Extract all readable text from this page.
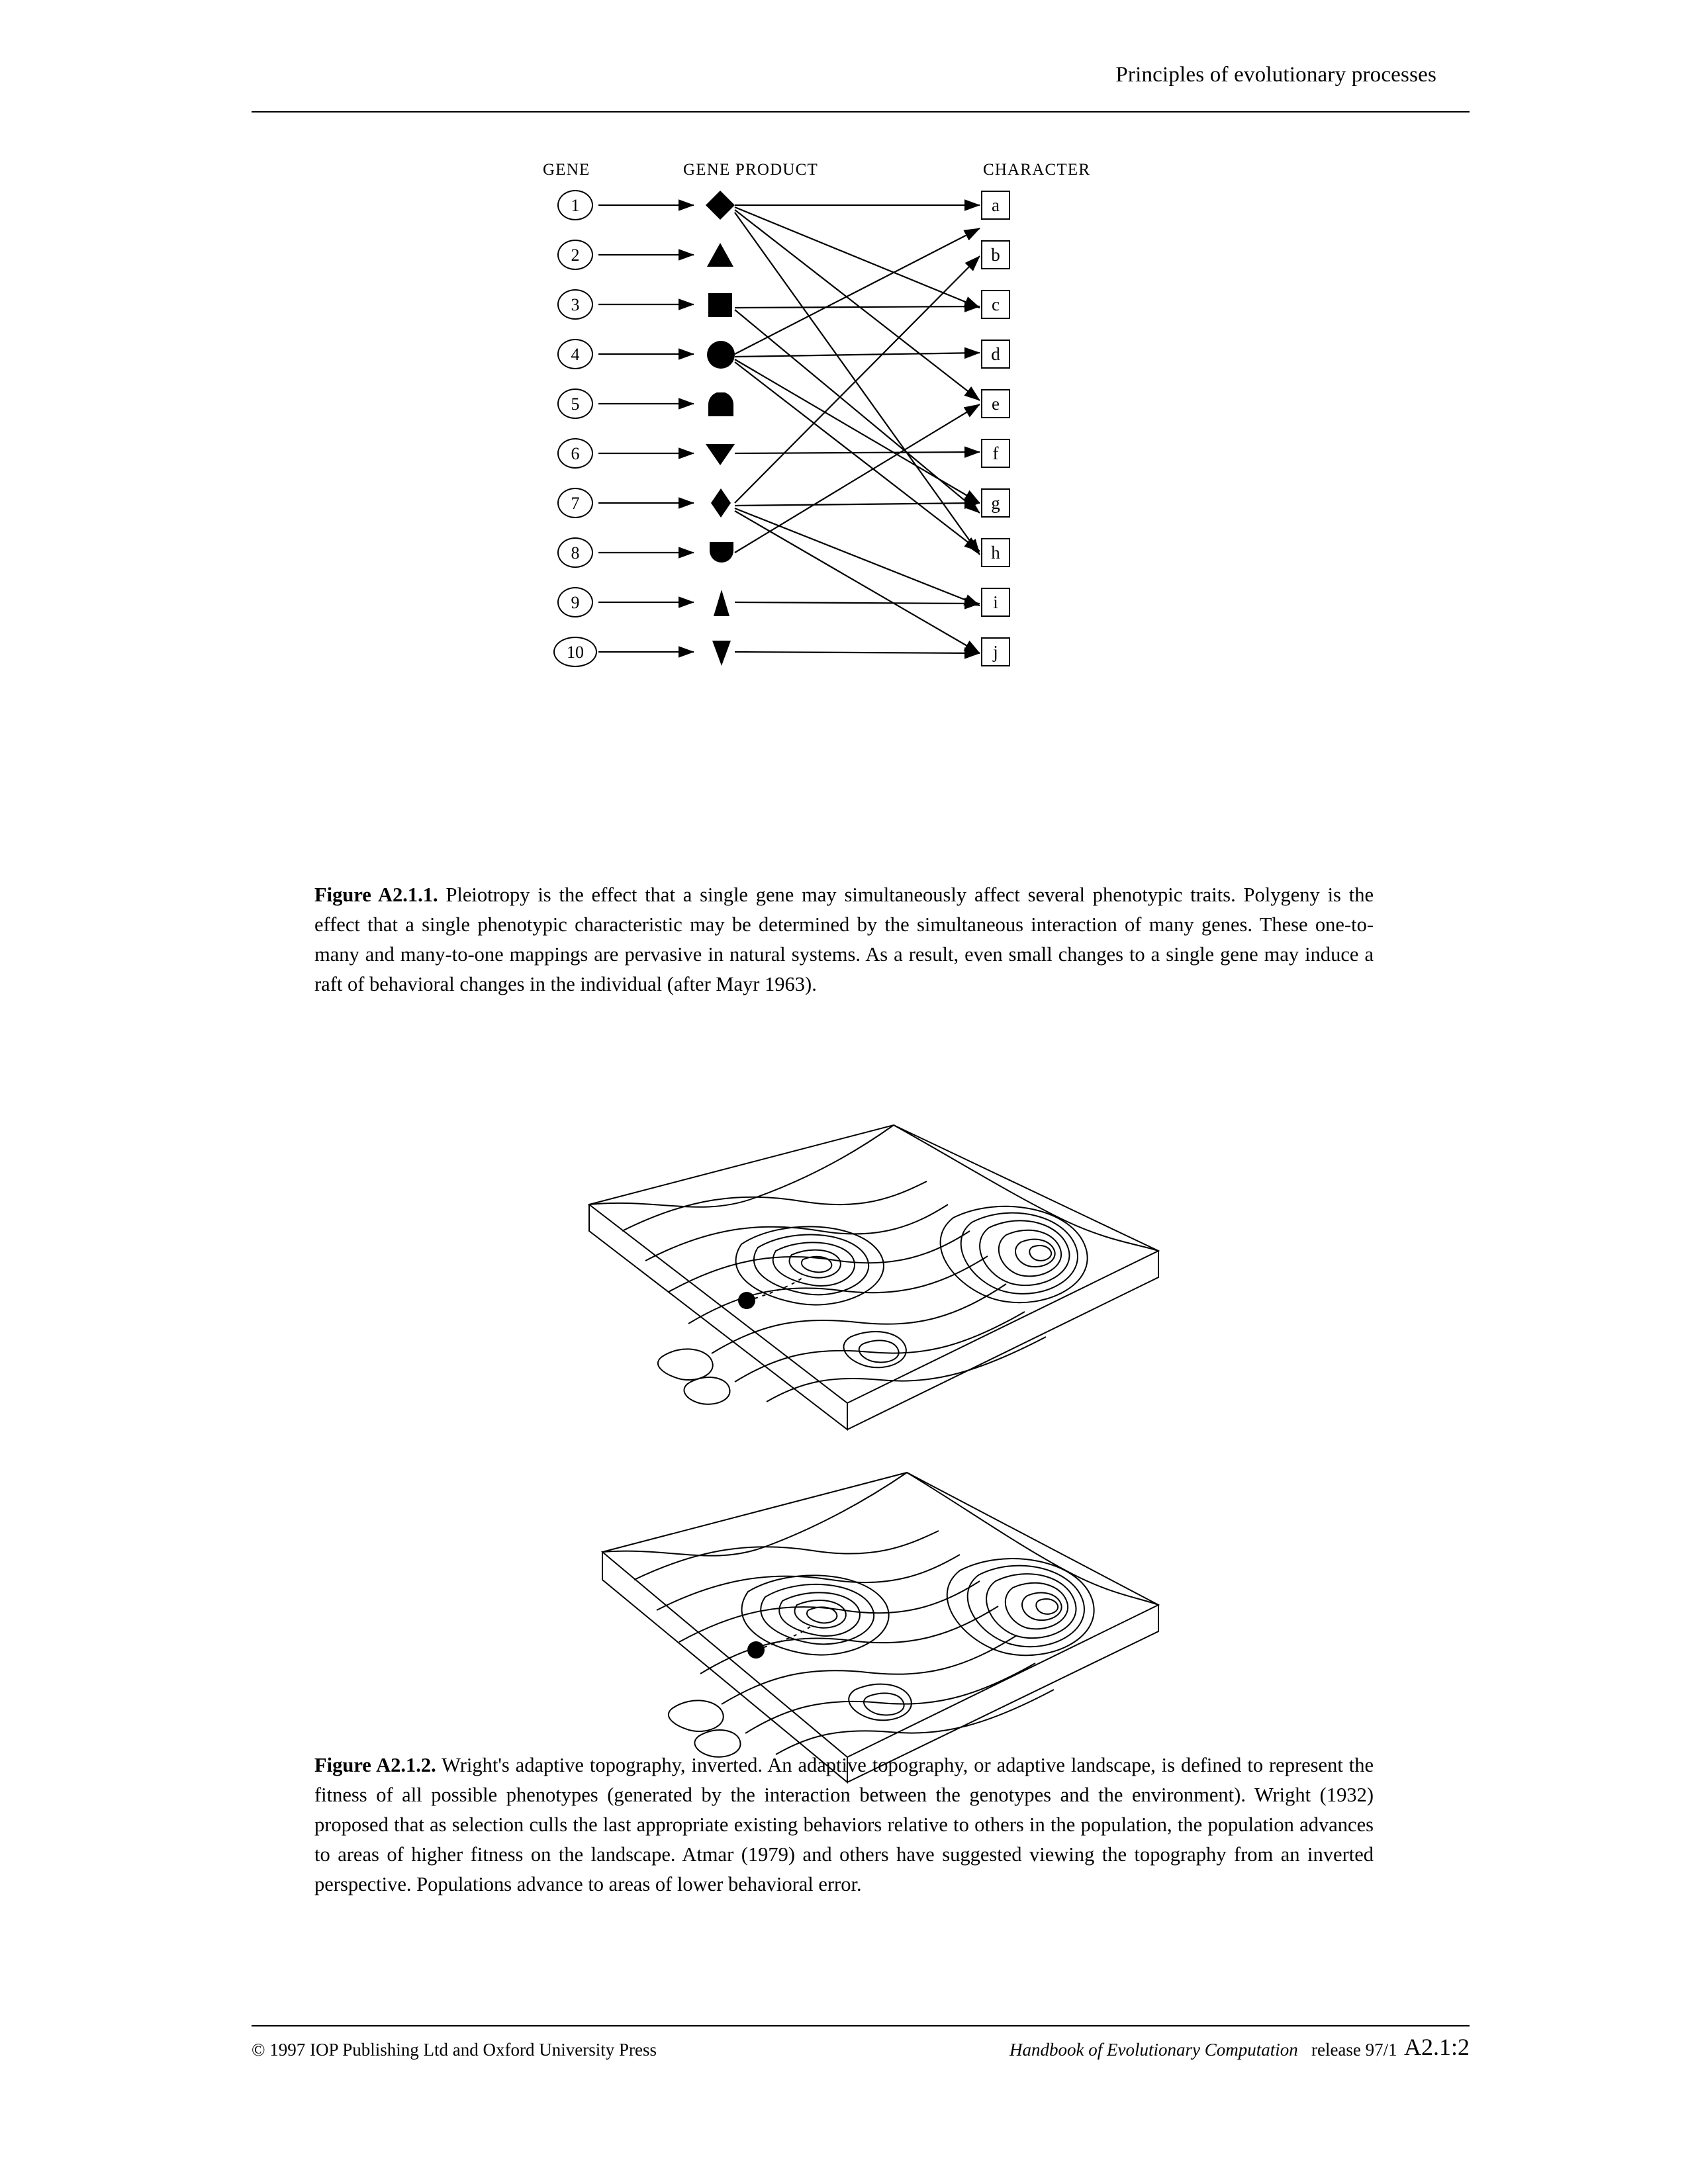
Principles of evolutionary processes
GENE	GENE PRODUCT	CHARACTER
1
2
3
4
5
6
7
8
9
10
a
b
c
d
e
f
g
h
i
j
Figure A2.1.1. Pleiotropy is the effect that a single gene may simultaneously affect several phenotypic traits. Polygeny is the effect that a single phenotypic characteristic may be determined by the simultaneous interaction of many genes. These one-to-many and many-to-one mappings are pervasive in natural systems. As a result, even small changes to a single gene may induce a raft of behavioral changes in the individual (after Mayr 1963).
Figure A2.1.2. Wright's adaptive topography, inverted. An adaptive topography, or adaptive landscape, is defined to represent the fitness of all possible phenotypes (generated by the interaction between the genotypes and the environment). Wright (1932) proposed that as selection culls the last appropriate existing behaviors relative to others in the population, the population advances to areas of higher fitness on the landscape. Atmar (1979) and others have suggested viewing the topography from an inverted perspective. Populations advance to areas of lower behavioral error.
© 1997 IOP Publishing Ltd and Oxford University Press	Handbook of Evolutionary Computation release 97/1 A2.1:2
